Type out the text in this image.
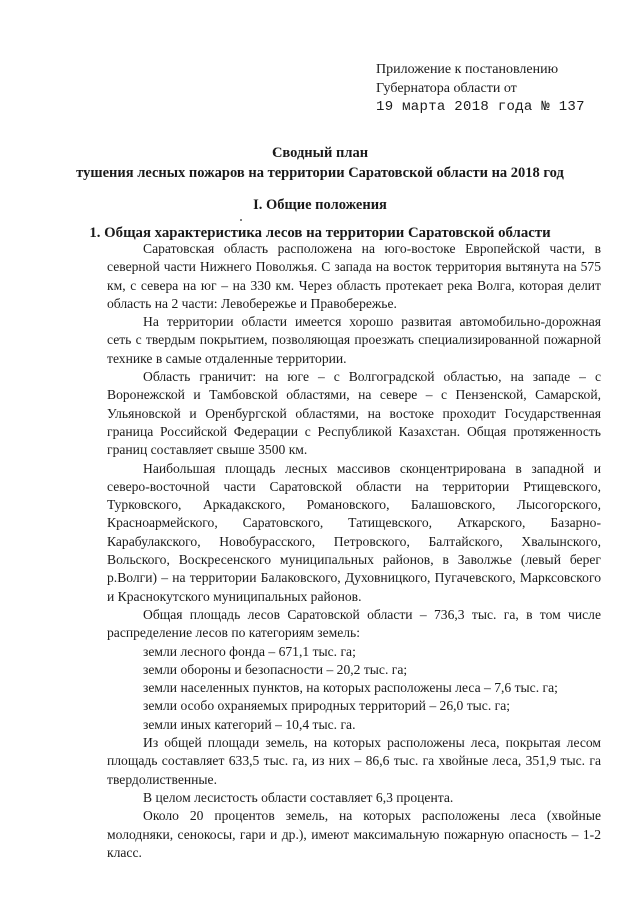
Приложение к постановлению
Губернатора области от
19 марта 2018 года № 137
Сводный план
тушения лесных пожаров на территории Саратовской области на 2018 год
I. Общие положения
1. Общая характеристика лесов на территории Саратовской области

Саратовская область расположена на юго-востоке Европейской части, в северной части Нижнего Поволжья. С запада на восток территория вытянута на 575 км, с севера на юг – на 330 км. Через область протекает река Волга, которая делит область на 2 части: Левобережье и Правобережье.

На территории области имеется хорошо развитая автомобильно-дорожная сеть с твердым покрытием, позволяющая проезжать специализированной пожарной технике в самые отдаленные территории.

Область граничит: на юге – с Волгоградской областью, на западе – с Воронежской и Тамбовской областями, на севере – с Пензенской, Самарской, Ульяновской и Оренбургской областями, на востоке проходит Государственная граница Российской Федерации с Республикой Казахстан. Общая протяженность границ составляет свыше 3500 км.

Наибольшая площадь лесных массивов сконцентрирована в западной и северо-восточной части Саратовской области на территории Ртищевского, Турковского, Аркадакского, Романовского, Балашовского, Лысогорского, Красноармейского, Саратовского, Татищевского, Аткарского, Базарно-Карабулакского, Новобурасского, Петровского, Балтайского, Хвалынского, Вольского, Воскресенского муниципальных районов, в Заволжье (левый берег р.Волги) – на территории Балаковского, Духовницкого, Пугачевского, Марксовского и Краснокутского муниципальных районов.

Общая площадь лесов Саратовской области – 736,3 тыс. га, в том числе распределение лесов по категориям земель:

земли лесного фонда – 671,1 тыс. га;

земли обороны и безопасности – 20,2 тыс. га;

земли населенных пунктов, на которых расположены леса – 7,6 тыс. га;

земли особо охраняемых природных территорий – 26,0 тыс. га;

земли иных категорий – 10,4 тыс. га.

Из общей площади земель, на которых расположены леса, покрытая лесом площадь составляет 633,5 тыс. га, из них – 86,6 тыс. га хвойные леса, 351,9 тыс. га твердолиственные.

В целом лесистость области составляет 6,3 процента.

Около 20 процентов земель, на которых расположены леса (хвойные молодняки, сенокосы, гари и др.), имеют максимальную пожарную опасность – 1-2 класс.
